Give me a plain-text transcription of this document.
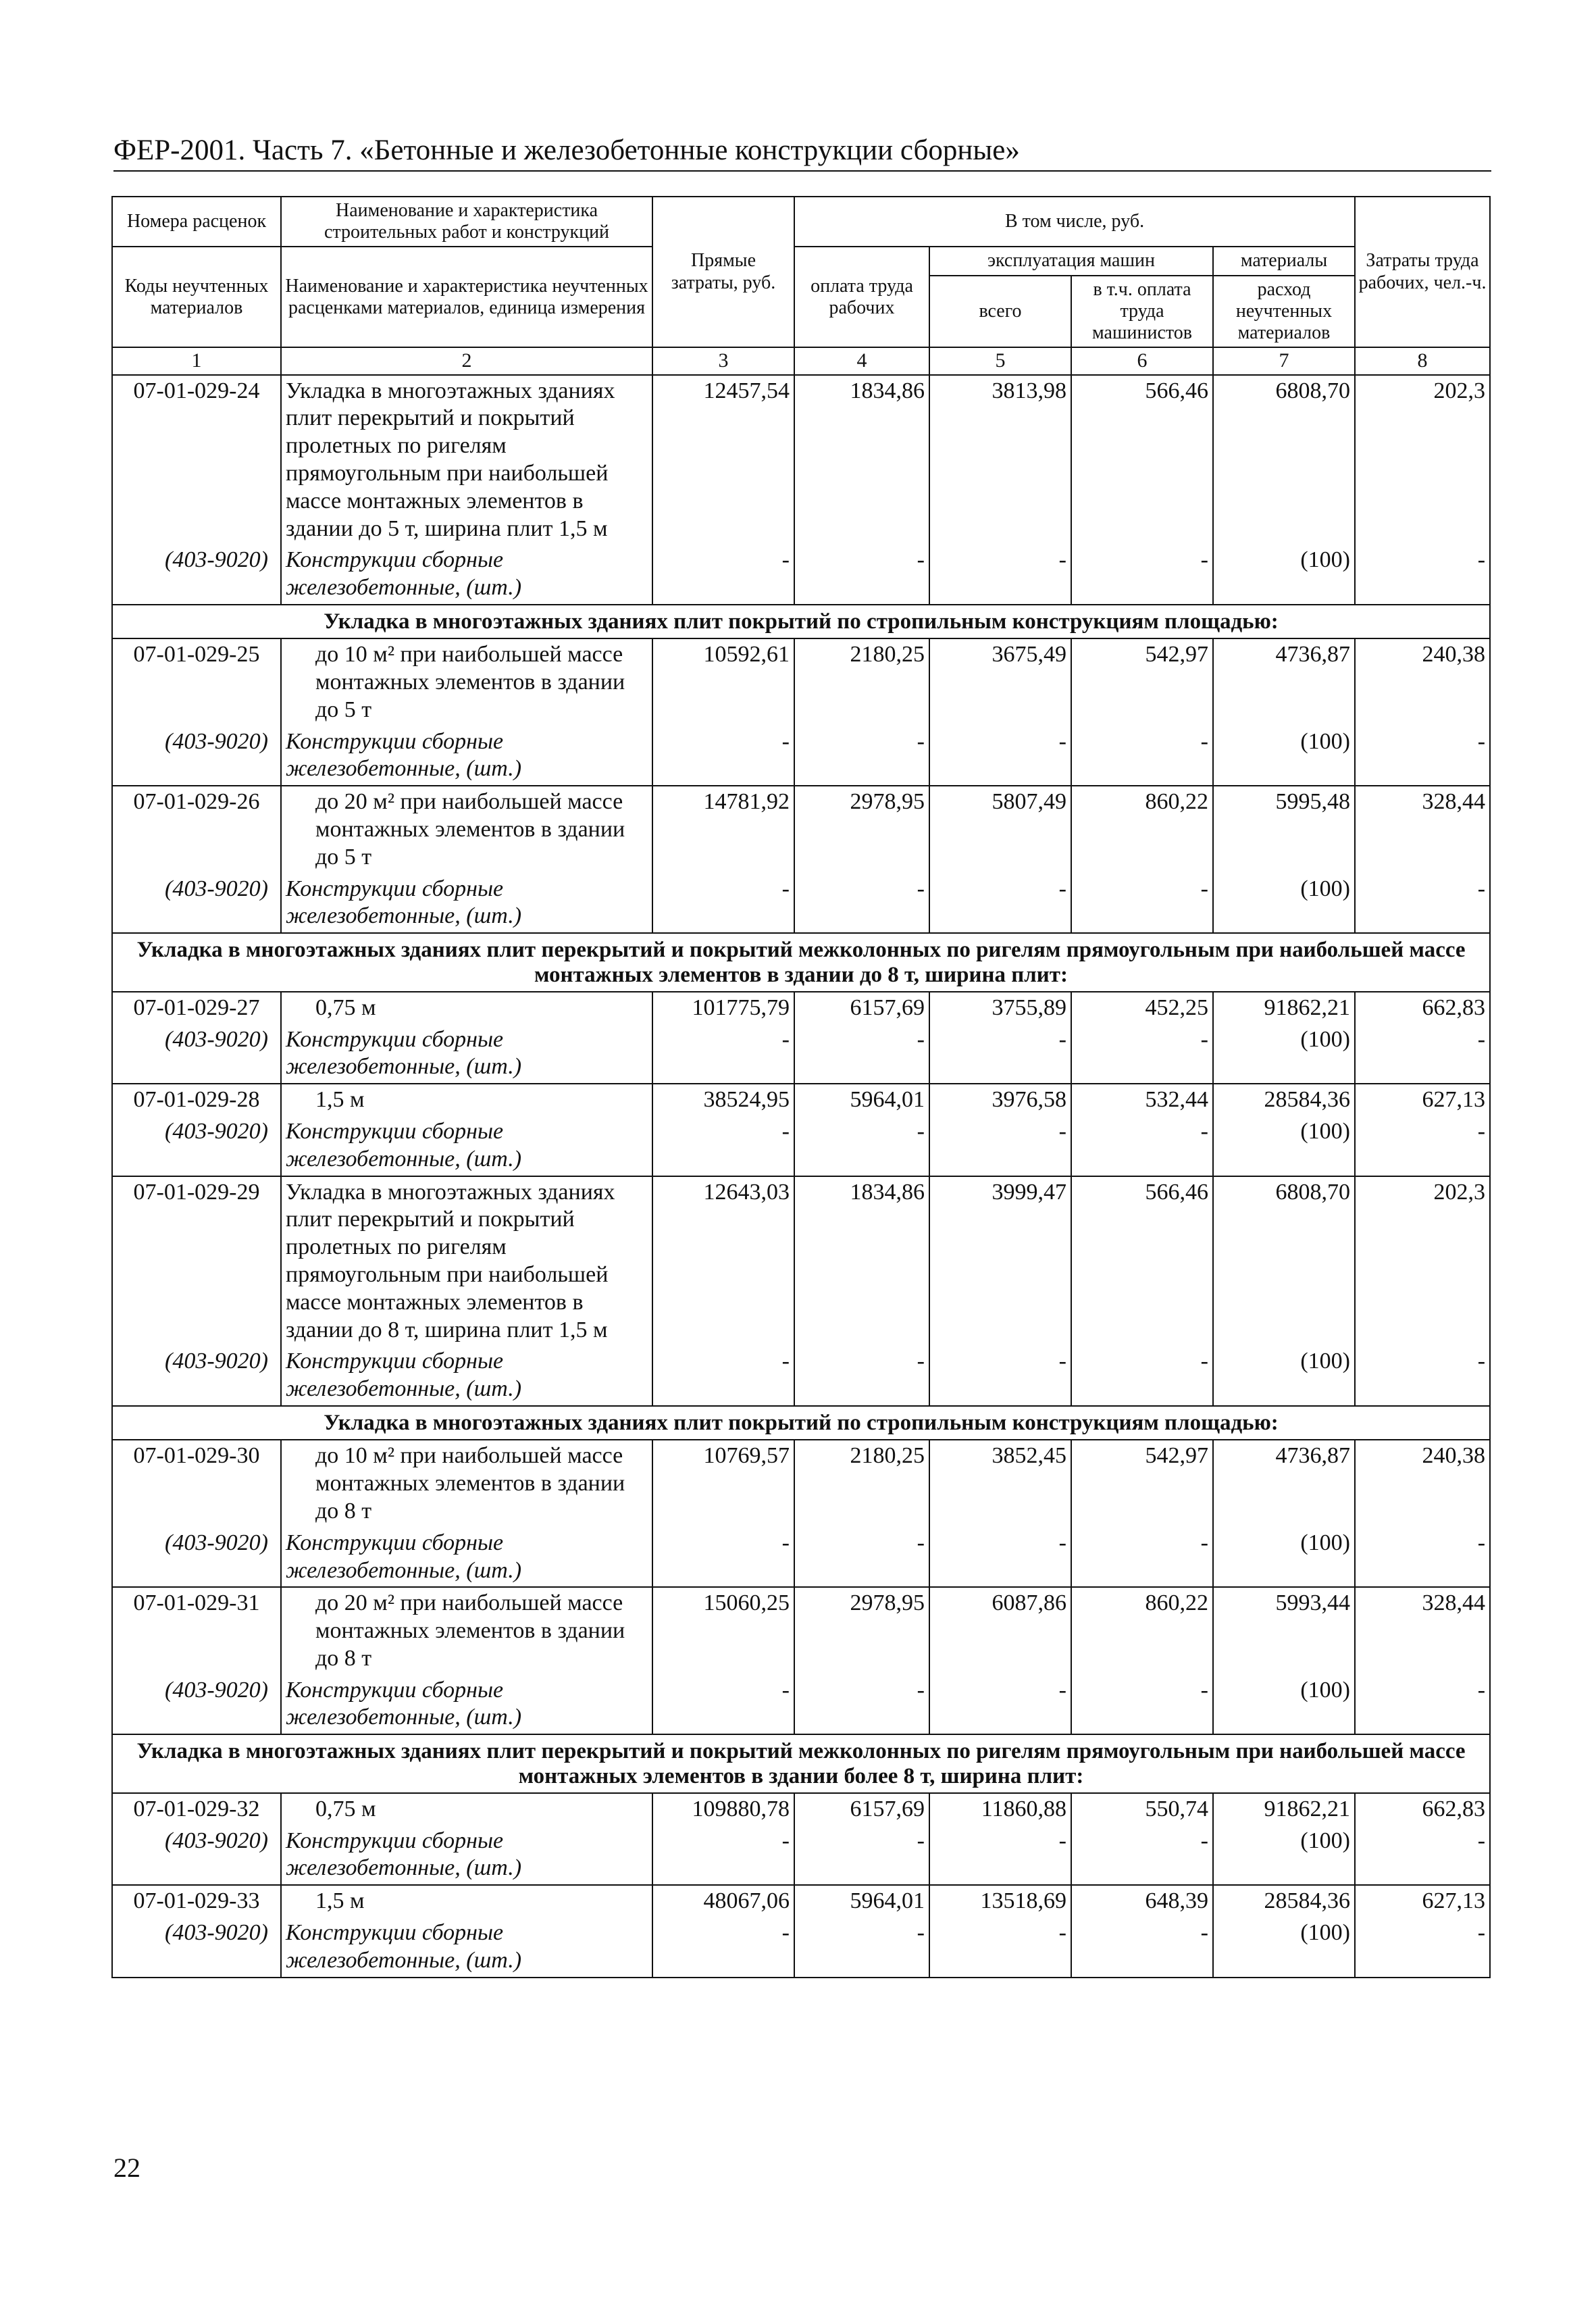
ФЕР-2001. Часть 7. «Бетонные и железобетонные конструкции сборные»
Номера расценок	Наименование и характеристика строительных работ и конструкций	Прямые затраты, руб.	В том числе, руб.				Затраты труда рабочих, чел.-ч.
Коды неучтенных материалов	Наименование и характеристика неучтенных расценками материалов, единица измерения		оплата труда рабочих	эксплуатация машин		материалы	
				всего	в т.ч. оплата труда машинистов	расход неучтенных материалов	
1	2	3	4	5	6	7	8
07-01-029-24	Укладка в многоэтажных зданиях плит перекрытий и покрытий пролетных по ригелям прямоугольным при наибольшей массе монтажных элементов в здании до 5 т, ширина плит 1,5 м	12457,54	1834,86	3813,98	566,46	6808,70	202,3
(403-9020)	Конструкции сборные железобетонные, (шт.)	-	-	-	-	(100)	-
Укладка в многоэтажных зданиях плит покрытий по стропильным конструкциям площадью:							
07-01-029-25	до 10 м² при наибольшей массе монтажных элементов в здании до 5 т	10592,61	2180,25	3675,49	542,97	4736,87	240,38
(403-9020)	Конструкции сборные железобетонные, (шт.)	-	-	-	-	(100)	-
07-01-029-26	до 20 м² при наибольшей массе монтажных элементов в здании до 5 т	14781,92	2978,95	5807,49	860,22	5995,48	328,44
(403-9020)	Конструкции сборные железобетонные, (шт.)	-	-	-	-	(100)	-
Укладка в многоэтажных зданиях плит перекрытий и покрытий межколонных по ригелям прямоугольным при наибольшей массе монтажных элементов в здании до 8 т, ширина плит:							
07-01-029-27	0,75 м	101775,79	6157,69	3755,89	452,25	91862,21	662,83
(403-9020)	Конструкции сборные железобетонные, (шт.)	-	-	-	-	(100)	-
07-01-029-28	1,5 м	38524,95	5964,01	3976,58	532,44	28584,36	627,13
(403-9020)	Конструкции сборные железобетонные, (шт.)	-	-	-	-	(100)	-
07-01-029-29	Укладка в многоэтажных зданиях плит перекрытий и покрытий пролетных по ригелям прямоугольным при наибольшей массе монтажных элементов в здании до 8 т, ширина плит 1,5 м	12643,03	1834,86	3999,47	566,46	6808,70	202,3
(403-9020)	Конструкции сборные железобетонные, (шт.)	-	-	-	-	(100)	-
Укладка в многоэтажных зданиях плит покрытий по стропильным конструкциям площадью:							
07-01-029-30	до 10 м² при наибольшей массе монтажных элементов в здании до 8 т	10769,57	2180,25	3852,45	542,97	4736,87	240,38
(403-9020)	Конструкции сборные железобетонные, (шт.)	-	-	-	-	(100)	-
07-01-029-31	до 20 м² при наибольшей массе монтажных элементов в здании до 8 т	15060,25	2978,95	6087,86	860,22	5993,44	328,44
(403-9020)	Конструкции сборные железобетонные, (шт.)	-	-	-	-	(100)	-
Укладка в многоэтажных зданиях плит перекрытий и покрытий межколонных по ригелям прямоугольным при наибольшей массе монтажных элементов в здании более 8 т, ширина плит:							
07-01-029-32	0,75 м	109880,78	6157,69	11860,88	550,74	91862,21	662,83
(403-9020)	Конструкции сборные железобетонные, (шт.)	-	-	-	-	(100)	-
07-01-029-33	1,5 м	48067,06	5964,01	13518,69	648,39	28584,36	627,13
(403-9020)	Конструкции сборные железобетонные, (шт.)	-	-	-	-	(100)	-
22
